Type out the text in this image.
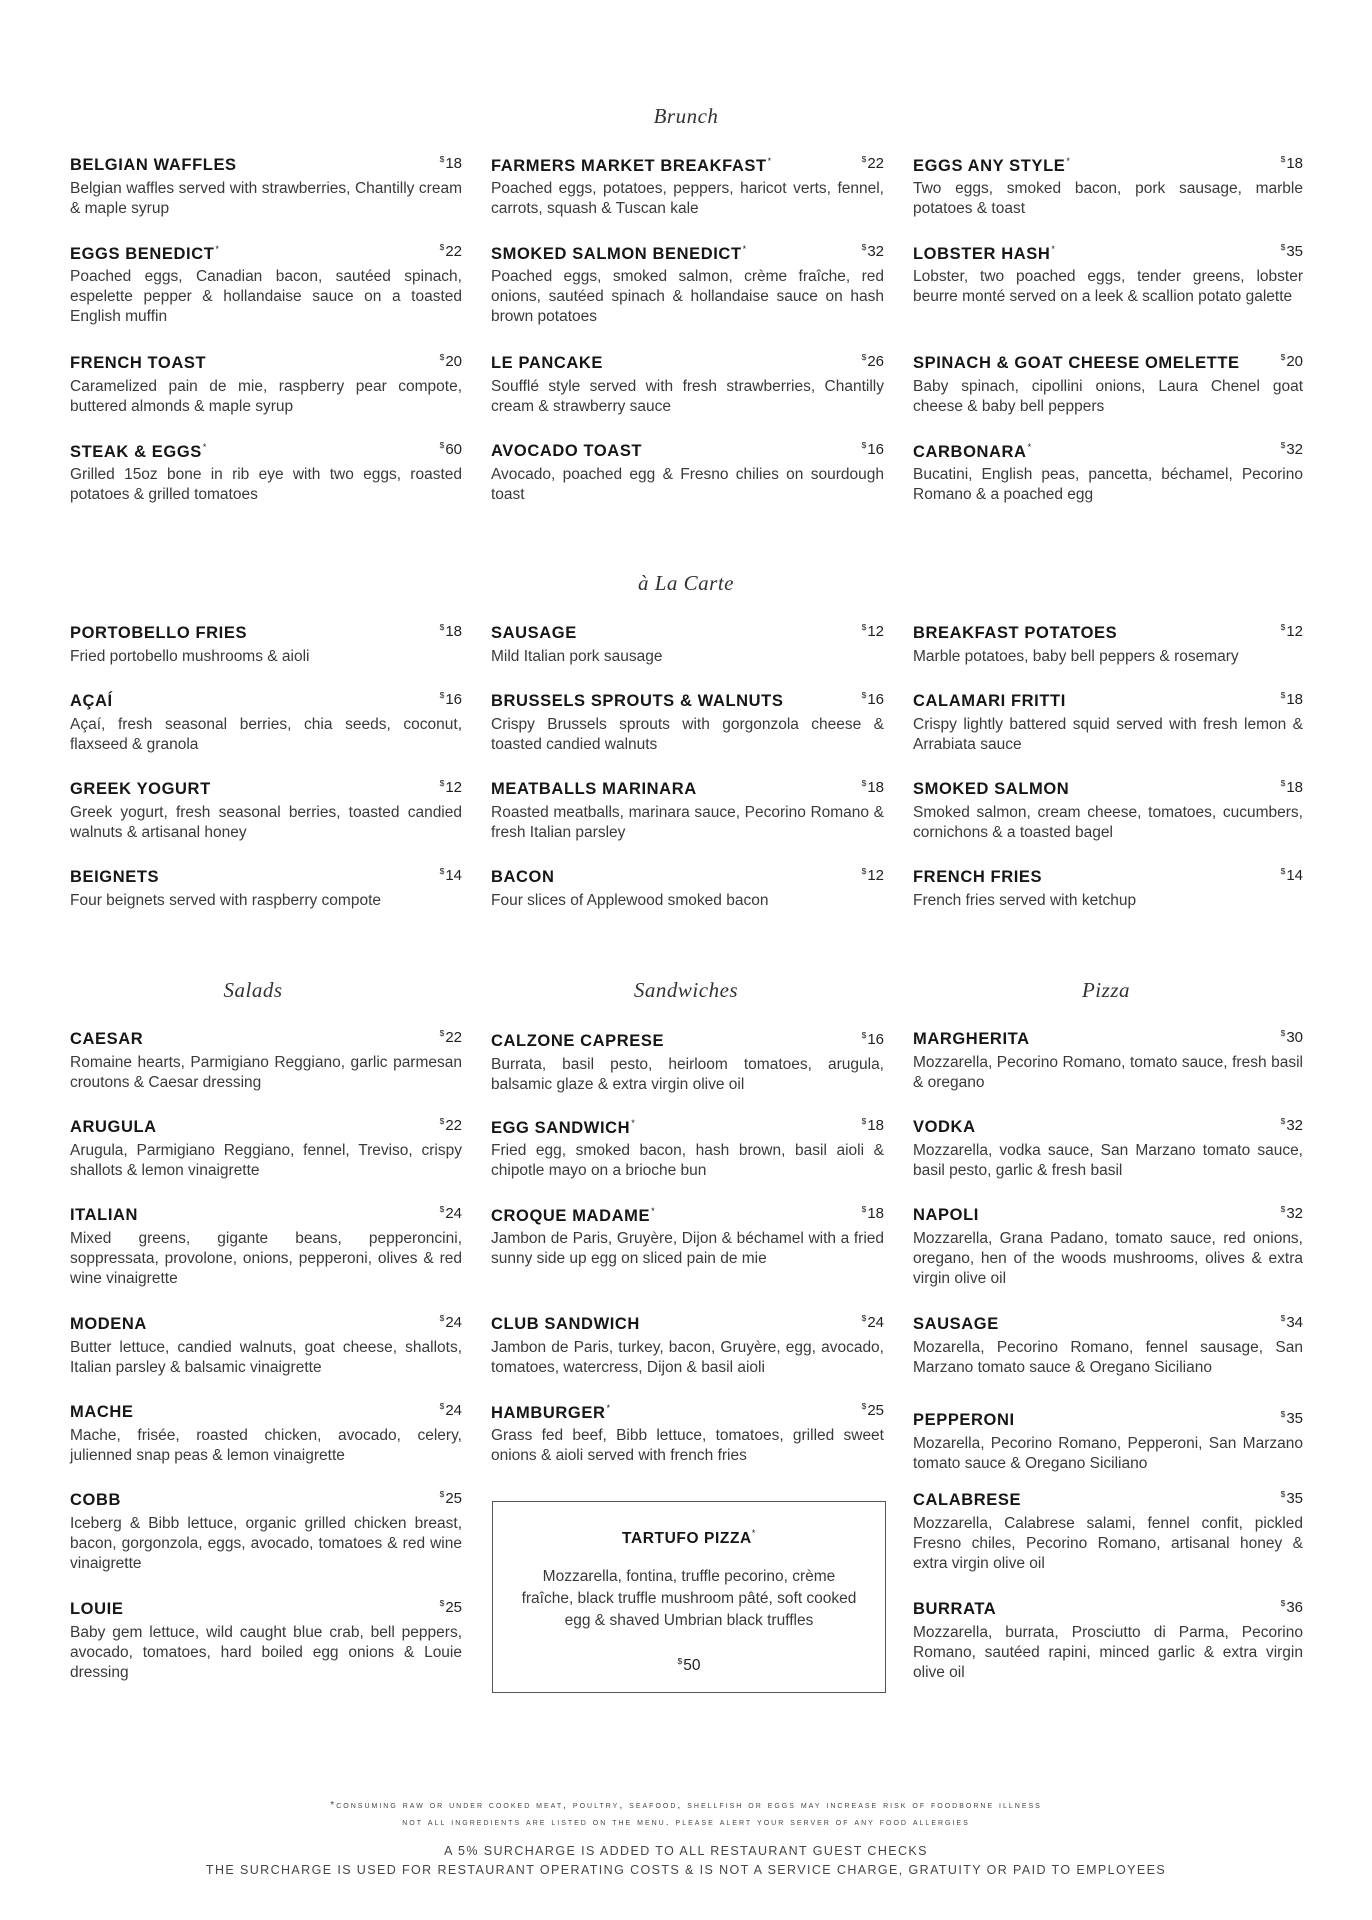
Brunch
à La Carte
Salads	Sandwiches	Pizza
BELGIAN WAFFLES	$18
Belgian waffles served with strawberries, Chantilly cream & maple syrup
EGGS BENEDICT*	$22
Poached eggs, Canadian bacon, sautéed spinach, espelette pepper & hollandaise sauce on a toasted English muffin
FRENCH TOAST	$20
Caramelized pain de mie, raspberry pear compote, buttered almonds & maple syrup
STEAK & EGGS*	$60
Grilled 15oz bone in rib eye with two eggs, roasted potatoes & grilled tomatoes
FARMERS MARKET BREAKFAST*	$22
Poached eggs, potatoes, peppers, haricot verts, fennel, carrots, squash & Tuscan kale
SMOKED SALMON BENEDICT*	$32
Poached eggs, smoked salmon, crème fraîche, red onions, sautéed spinach & hollandaise sauce on hash brown potatoes
LE PANCAKE	$26
Soufflé style served with fresh strawberries, Chantilly cream & strawberry sauce
AVOCADO TOAST	$16
Avocado, poached egg & Fresno chilies on sourdough toast
EGGS ANY STYLE*	$18
Two eggs, smoked bacon, pork sausage, marble potatoes & toast
LOBSTER HASH*	$35
Lobster, two poached eggs, tender greens, lobster beurre monté served on a leek & scallion potato galette
SPINACH & GOAT CHEESE OMELETTE	$20
Baby spinach, cipollini onions, Laura Chenel goat cheese & baby bell peppers
CARBONARA*	$32
Bucatini, English peas, pancetta, béchamel, Pecorino Romano & a poached egg
PORTOBELLO FRIES	$18
Fried portobello mushrooms & aioli
AÇAÍ	$16
Açaí, fresh seasonal berries, chia seeds, coconut, flaxseed & granola
GREEK YOGURT	$12
Greek yogurt, fresh seasonal berries, toasted candied walnuts & artisanal honey
BEIGNETS	$14
Four beignets served with raspberry compote
SAUSAGE	$12
Mild Italian pork sausage
BRUSSELS SPROUTS & WALNUTS	$16
Crispy Brussels sprouts with gorgonzola cheese & toasted candied walnuts
MEATBALLS MARINARA	$18
Roasted meatballs, marinara sauce, Pecorino Romano & fresh Italian parsley
BACON	$12
Four slices of Applewood smoked bacon
BREAKFAST POTATOES	$12
Marble potatoes, baby bell peppers & rosemary
CALAMARI FRITTI	$18
Crispy lightly battered squid served with fresh lemon & Arrabiata sauce
SMOKED SALMON	$18
Smoked salmon, cream cheese, tomatoes, cucumbers, cornichons & a toasted bagel
FRENCH FRIES	$14
French fries served with ketchup
CAESAR	$22
Romaine hearts, Parmigiano Reggiano, garlic parmesan croutons & Caesar dressing
ARUGULA	$22
Arugula, Parmigiano Reggiano, fennel, Treviso, crispy shallots & lemon vinaigrette
ITALIAN	$24
Mixed greens, gigante beans, pepperoncini, soppressata, provolone, onions, pepperoni, olives & red wine vinaigrette
MODENA	$24
Butter lettuce, candied walnuts, goat cheese, shallots, Italian parsley & balsamic vinaigrette
MACHE	$24
Mache, frisée, roasted chicken, avocado, celery, julienned snap peas & lemon vinaigrette
COBB	$25
Iceberg & Bibb lettuce, organic grilled chicken breast, bacon, gorgonzola, eggs, avocado, tomatoes & red wine vinaigrette
LOUIE	$25
Baby gem lettuce, wild caught blue crab, bell peppers, avocado, tomatoes, hard boiled egg onions & Louie dressing
CALZONE CAPRESE	$16
Burrata, basil pesto, heirloom tomatoes, arugula, balsamic glaze & extra virgin olive oil
EGG SANDWICH*	$18
Fried egg, smoked bacon, hash brown, basil aioli & chipotle mayo on a brioche bun
CROQUE MADAME*	$18
Jambon de Paris, Gruyère, Dijon & béchamel with a fried sunny side up egg on sliced pain de mie
CLUB SANDWICH	$24
Jambon de Paris, turkey, bacon, Gruyère, egg, avocado, tomatoes, watercress, Dijon & basil aioli
HAMBURGER*	$25
Grass fed beef, Bibb lettuce, tomatoes, grilled sweet onions & aioli served with french fries
MARGHERITA	$30
Mozzarella, Pecorino Romano, tomato sauce, fresh basil & oregano
VODKA	$32
Mozzarella, vodka sauce, San Marzano tomato sauce, basil pesto, garlic & fresh basil
NAPOLI	$32
Mozzarella, Grana Padano, tomato sauce, red onions, oregano, hen of the woods mushrooms, olives & extra virgin olive oil
SAUSAGE	$34
Mozarella, Pecorino Romano, fennel sausage, San Marzano tomato sauce & Oregano Siciliano
PEPPERONI	$35
Mozarella, Pecorino Romano, Pepperoni, San Marzano tomato sauce & Oregano Siciliano
CALABRESE	$35
Mozzarella, Calabrese salami, fennel confit, pickled Fresno chiles, Pecorino Romano, artisanal honey & extra virgin olive oil
BURRATA	$36
Mozzarella, burrata, Prosciutto di Parma, Pecorino Romano, sautéed rapini, minced garlic & extra virgin olive oil
TARTUFO PIZZA*
Mozzarella, fontina, truffle pecorino, crème fraîche, black truffle mushroom pâté, soft cooked egg & shaved Umbrian black truffles
$50
*consuming raw or under cooked meat, poultry, seafood, shellfish or eggs may increase risk of foodborne illness
not all ingredients are listed on the menu. please alert your server of any food allergies
A 5% SURCHARGE IS ADDED TO ALL RESTAURANT GUEST CHECKS
THE SURCHARGE IS USED FOR RESTAURANT OPERATING COSTS & IS NOT A SERVICE CHARGE, GRATUITY OR PAID TO EMPLOYEES
